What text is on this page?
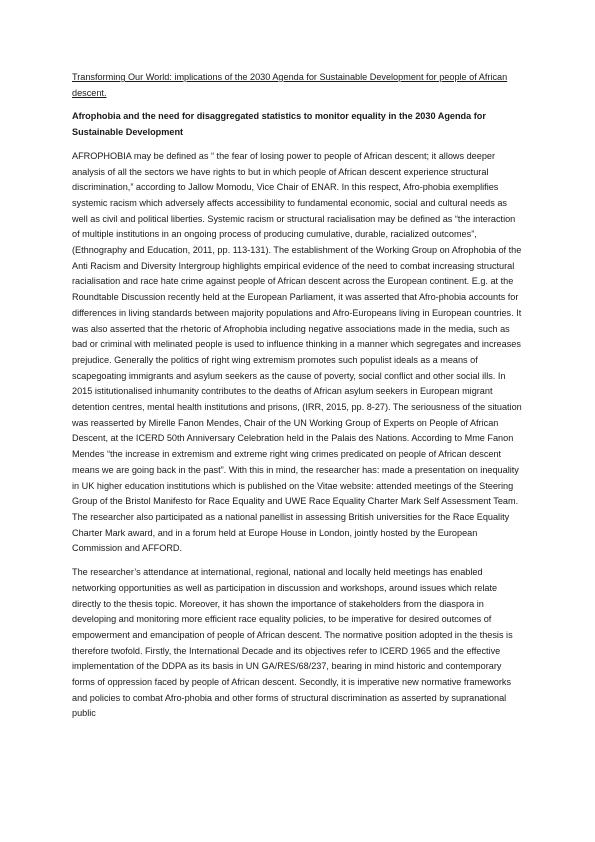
Transforming Our World: implications of the 2030 Agenda for Sustainable Development for people of African descent.

Afrophobia and the need for disaggregated statistics to monitor equality in the 2030 Agenda for Sustainable Development

AFROPHOBIA may be defined as “ the fear of losing power to people of African descent; it allows deeper analysis of all the sectors we have rights to but in which people of African descent experience structural discrimination,” according to Jallow Momodu, Vice Chair of ENAR. In this respect, Afro-phobia exemplifies systemic racism which adversely affects accessibility to fundamental economic, social and cultural needs as well as civil and political liberties. Systemic racism or structural racialisation may be defined as “the interaction of multiple institutions in an ongoing process of producing cumulative, durable, racialized outcomes”, (Ethnography and Education, 2011, pp. 113-131). The establishment of the Working Group on Afrophobia of the Anti Racism and Diversity Intergroup highlights empirical evidence of the need to combat increasing structural racialisation and race hate crime against people of African descent across the European continent. E.g. at the Roundtable Discussion recently held at the European Parliament, it was asserted that Afro-phobia accounts for differences in living standards between majority populations and Afro-Europeans living in European countries. It was also asserted that the rhetoric of Afrophobia including negative associations made in the media, such as bad or criminal with melinated people is used to influence thinking in a manner which segregates and increases prejudice. Generally the politics of right wing extremism promotes such populist ideals as a means of scapegoating immigrants and asylum seekers as the cause of poverty, social conflict and other social ills. In 2015 istitutionalised inhumanity contributes to the deaths of African asylum seekers in European migrant detention centres, mental health institutions and prisons, (IRR, 2015, pp. 8-27). The seriousness of the situation was reasserted by Mirelle Fanon Mendes, Chair of the UN Working Group of Experts on People of African Descent, at the ICERD 50th Anniversary Celebration held in the Palais des Nations. According to Mme Fanon Mendes “the increase in extremism and extreme right wing crimes predicated on people of African descent means we are going back in the past”. With this in mind, the researcher has: made a presentation on inequality in UK higher education institutions which is published on the Vitae website: attended meetings of the Steering Group of the Bristol Manifesto for Race Equality and UWE Race Equality Charter Mark Self Assessment Team. The researcher also participated as a national panellist in assessing British universities for the Race Equality Charter Mark award, and in a forum held at Europe House in London, jointly hosted by the European Commission and AFFORD.

The researcher’s attendance at international, regional, national and locally held meetings has enabled networking opportunities as well as participation in discussion and workshops, around issues which relate directly to the thesis topic. Moreover, it has shown the importance of stakeholders from the diaspora in developing and monitoring more efficient race equality policies, to be imperative for desired outcomes of empowerment and emancipation of people of African descent. The normative position adopted in the thesis is therefore twofold. Firstly, the International Decade and its objectives refer to ICERD 1965 and the effective implementation of the DDPA as its basis in UN GA/RES/68/237, bearing in mind historic and contemporary forms of oppression faced by people of African descent. Secondly, it is imperative new normative frameworks and policies to combat Afro-phobia and other forms of structural discrimination as asserted by supranational public
